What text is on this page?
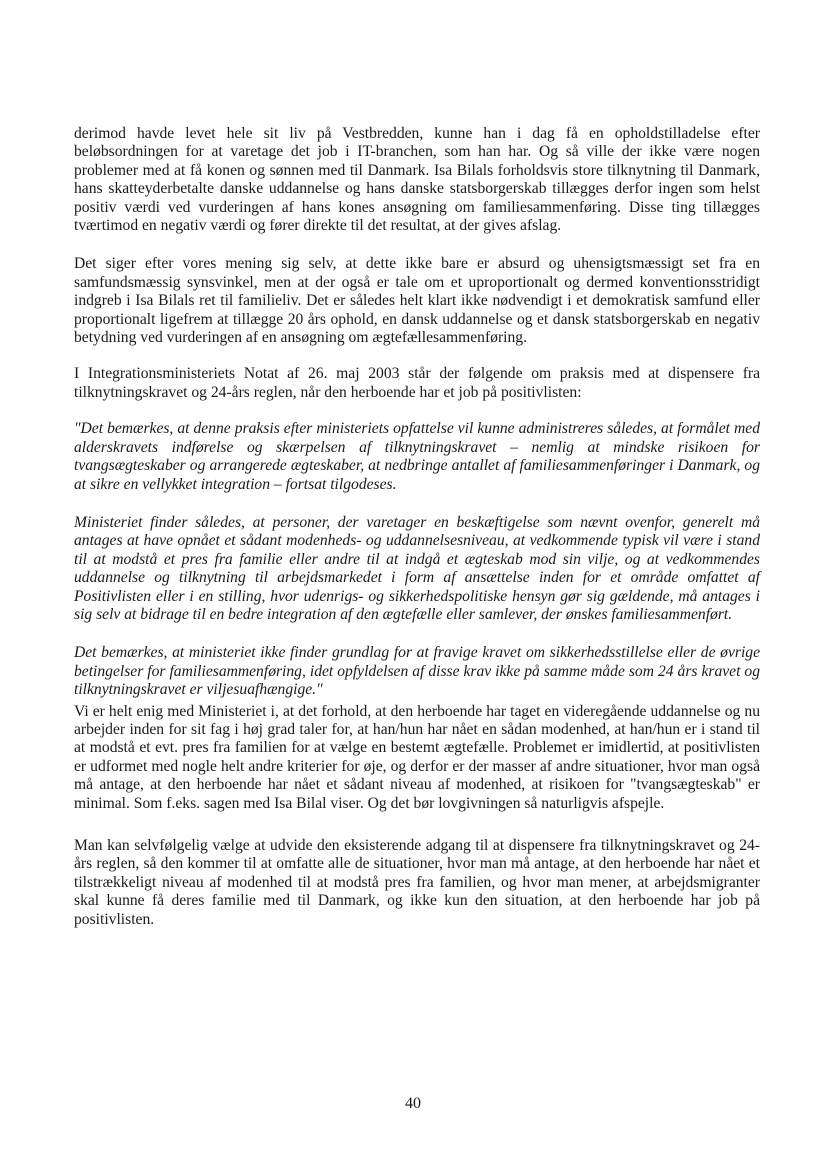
derimod havde levet hele sit liv på Vestbredden, kunne han i dag få en opholdstilladelse efter beløbsordningen for at varetage det job i IT-branchen, som han har. Og så ville der ikke være nogen problemer med at få konen og sønnen med til Danmark. Isa Bilals forholdsvis store tilknytning til Danmark, hans skatteyderbetalte danske uddannelse og hans danske statsborgerskab tillægges derfor ingen som helst positiv værdi ved vurderingen af hans kones ansøgning om familiesammenføring. Disse ting tillægges tværtimod en negativ værdi og fører direkte til det resultat, at der gives afslag.

Det siger efter vores mening sig selv, at dette ikke bare er absurd og uhensigtsmæssigt set fra en samfundsmæssig synsvinkel, men at der også er tale om et uproportionalt og dermed konventionsstridigt indgreb i Isa Bilals ret til familieliv. Det er således helt klart ikke nødvendigt i et demokratisk samfund eller proportionalt ligefrem at tillægge 20 års ophold, en dansk uddannelse og et dansk statsborgerskab en negativ betydning ved vurderingen af en ansøgning om ægtefællesammenføring.

I Integrationsministeriets Notat af 26. maj 2003 står der følgende om praksis med at dispensere fra tilknytningskravet og 24-års reglen, når den herboende har et job på positivlisten:

"Det bemærkes, at denne praksis efter ministeriets opfattelse vil kunne administreres således, at formålet med alderskravets indførelse og skærpelsen af tilknytningskravet – nemlig at mindske risikoen for tvangsægteskaber og arrangerede ægteskaber, at nedbringe antallet af familiesammenføringer i Danmark, og at sikre en vellykket integration – fortsat tilgodeses.

Ministeriet finder således, at personer, der varetager en beskæftigelse som nævnt ovenfor, generelt må antages at have opnået et sådant modenheds- og uddannelsesniveau, at vedkommende typisk vil være i stand til at modstå et pres fra familie eller andre til at indgå et ægteskab mod sin vilje, og at vedkommendes uddannelse og tilknytning til arbejdsmarkedet i form af ansættelse inden for et område omfattet af Positivlisten eller i en stilling, hvor udenrigs- og sikkerhedspolitiske hensyn gør sig gældende, må antages i sig selv at bidrage til en bedre integration af den ægtefælle eller samlever, der ønskes familiesammenført.

Det bemærkes, at ministeriet ikke finder grundlag for at fravige kravet om sikkerhedsstillelse eller de øvrige betingelser for familiesammenføring, idet opfyldelsen af disse krav ikke på samme måde som 24 års kravet og tilknytningskravet er viljesuafhængige."

Vi er helt enig med Ministeriet i, at det forhold, at den herboende har taget en videregående uddannelse og nu arbejder inden for sit fag i høj grad taler for, at han/hun har nået en sådan modenhed, at han/hun er i stand til at modstå et evt. pres fra familien for at vælge en bestemt ægtefælle. Problemet er imidlertid, at positivlisten er udformet med nogle helt andre kriterier for øje, og derfor er der masser af andre situationer, hvor man også må antage, at den herboende har nået et sådant niveau af modenhed, at risikoen for "tvangsægteskab" er minimal. Som f.eks. sagen med Isa Bilal viser. Og det bør lovgivningen så naturligvis afspejle.

Man kan selvfølgelig vælge at udvide den eksisterende adgang til at dispensere fra tilknytningskravet og 24-års reglen, så den kommer til at omfatte alle de situationer, hvor man må antage, at den herboende har nået et tilstrækkeligt niveau af modenhed til at modstå pres fra familien, og hvor man mener, at arbejdsmigranter skal kunne få deres familie med til Danmark, og ikke kun den situation, at den herboende har job på positivlisten.

40
